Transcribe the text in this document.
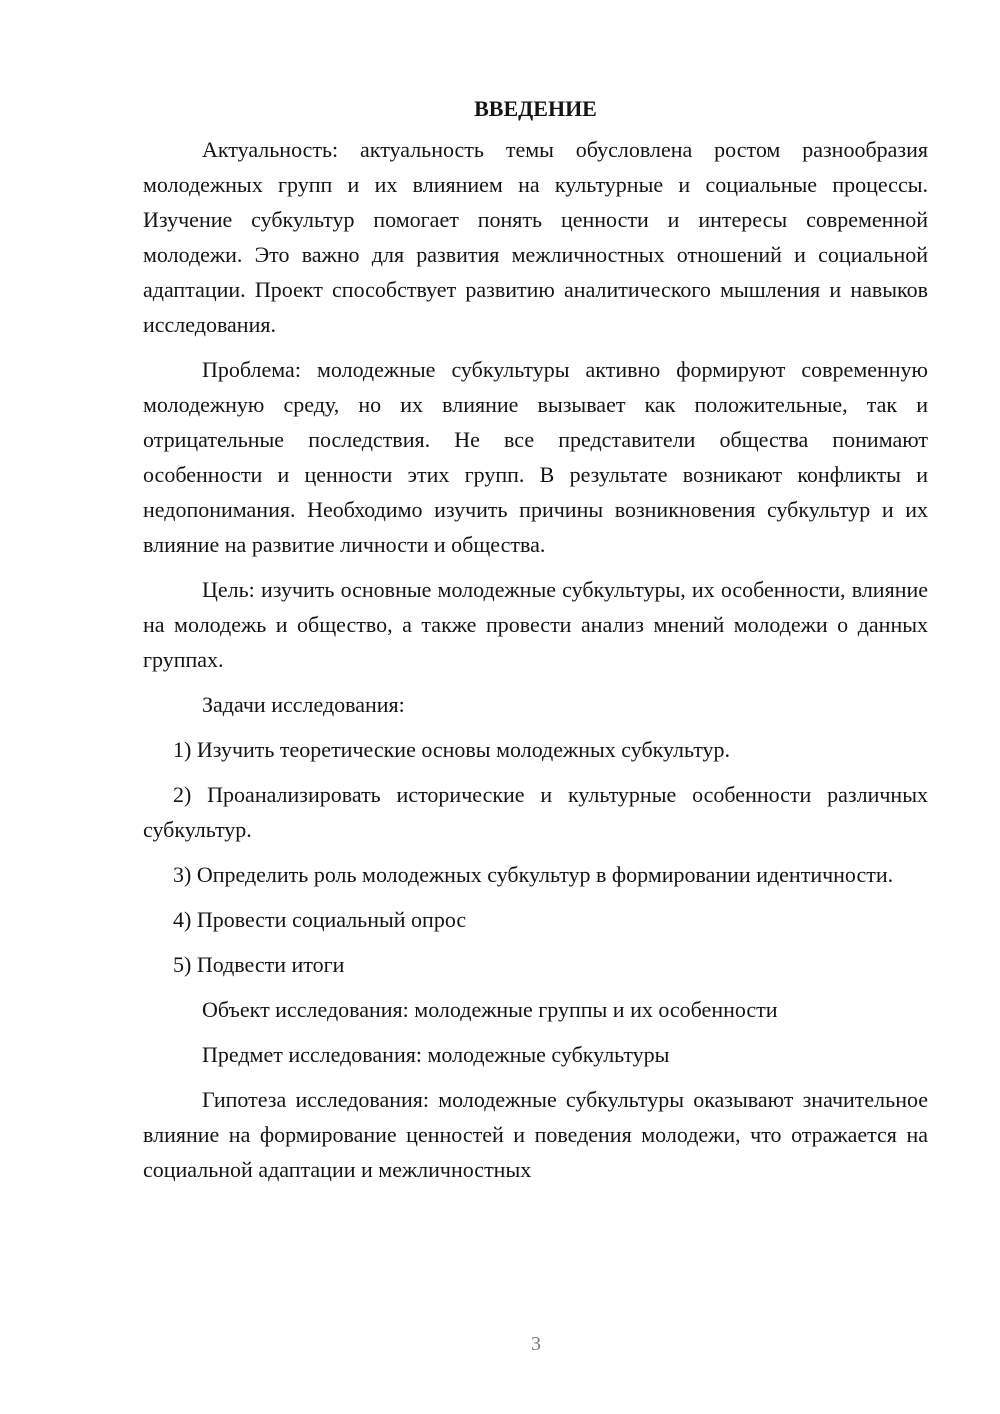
ВВЕДЕНИЕ

Актуальность: актуальность темы обусловлена ростом разнообразия молодежных групп и их влиянием на культурные и социальные процессы. Изучение субкультур помогает понять ценности и интересы современной молодежи. Это важно для развития межличностных отношений и социальной адаптации. Проект способствует развитию аналитического мышления и навыков исследования.

Проблема: молодежные субкультуры активно формируют современную молодежную среду, но их влияние вызывает как положительные, так и отрицательные последствия. Не все представители общества понимают особенности и ценности этих групп. В результате возникают конфликты и недопонимания. Необходимо изучить причины возникновения субкультур и их влияние на развитие личности и общества.

Цель: изучить основные молодежные субкультуры, их особенности, влияние на молодежь и общество, а также провести анализ мнений молодежи о данных группах.

Задачи исследования:

1) Изучить теоретические основы молодежных субкультур.

2) Проанализировать исторические и культурные особенности различных субкультур.

3) Определить роль молодежных субкультур в формировании идентичности.

4) Провести социальный опрос

5) Подвести итоги

Объект исследования: молодежные группы и их особенности

Предмет исследования: молодежные субкультуры

Гипотеза исследования: молодежные субкультуры оказывают значительное влияние на формирование ценностей и поведения молодежи, что отражается на социальной адаптации и межличностных

3
